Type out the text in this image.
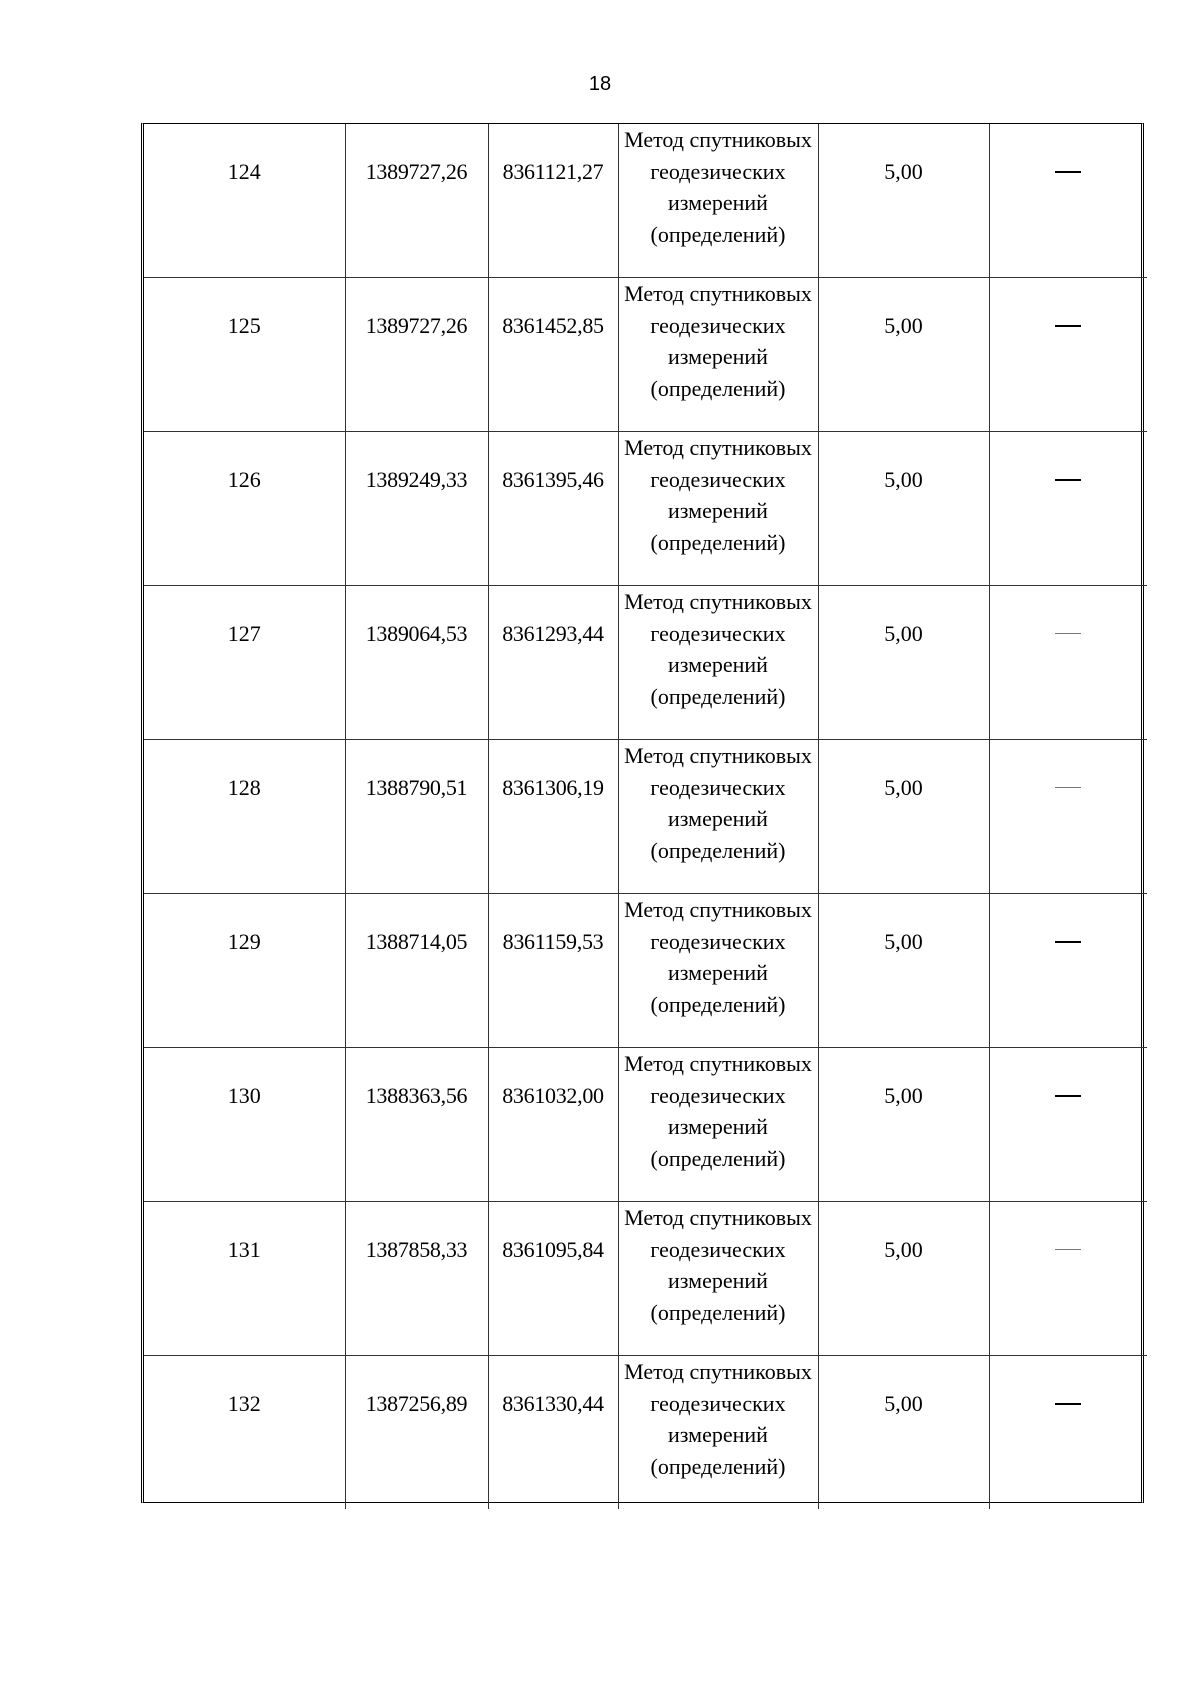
18
124	1389727,26	8361121,27	Метод спутниковых геодезических измерений (определений)	5,00	

125	1389727,26	8361452,85	Метод спутниковых геодезических измерений (определений)	5,00	

126	1389249,33	8361395,46	Метод спутниковых геодезических измерений (определений)	5,00	

127	1389064,53	8361293,44	Метод спутниковых геодезических измерений (определений)	5,00	

128	1388790,51	8361306,19	Метод спутниковых геодезических измерений (определений)	5,00	

129	1388714,05	8361159,53	Метод спутниковых геодезических измерений (определений)	5,00	

130	1388363,56	8361032,00	Метод спутниковых геодезических измерений (определений)	5,00	

131	1387858,33	8361095,84	Метод спутниковых геодезических измерений (определений)	5,00	

132	1387256,89	8361330,44	Метод спутниковых геодезических измерений (определений)	5,00	
